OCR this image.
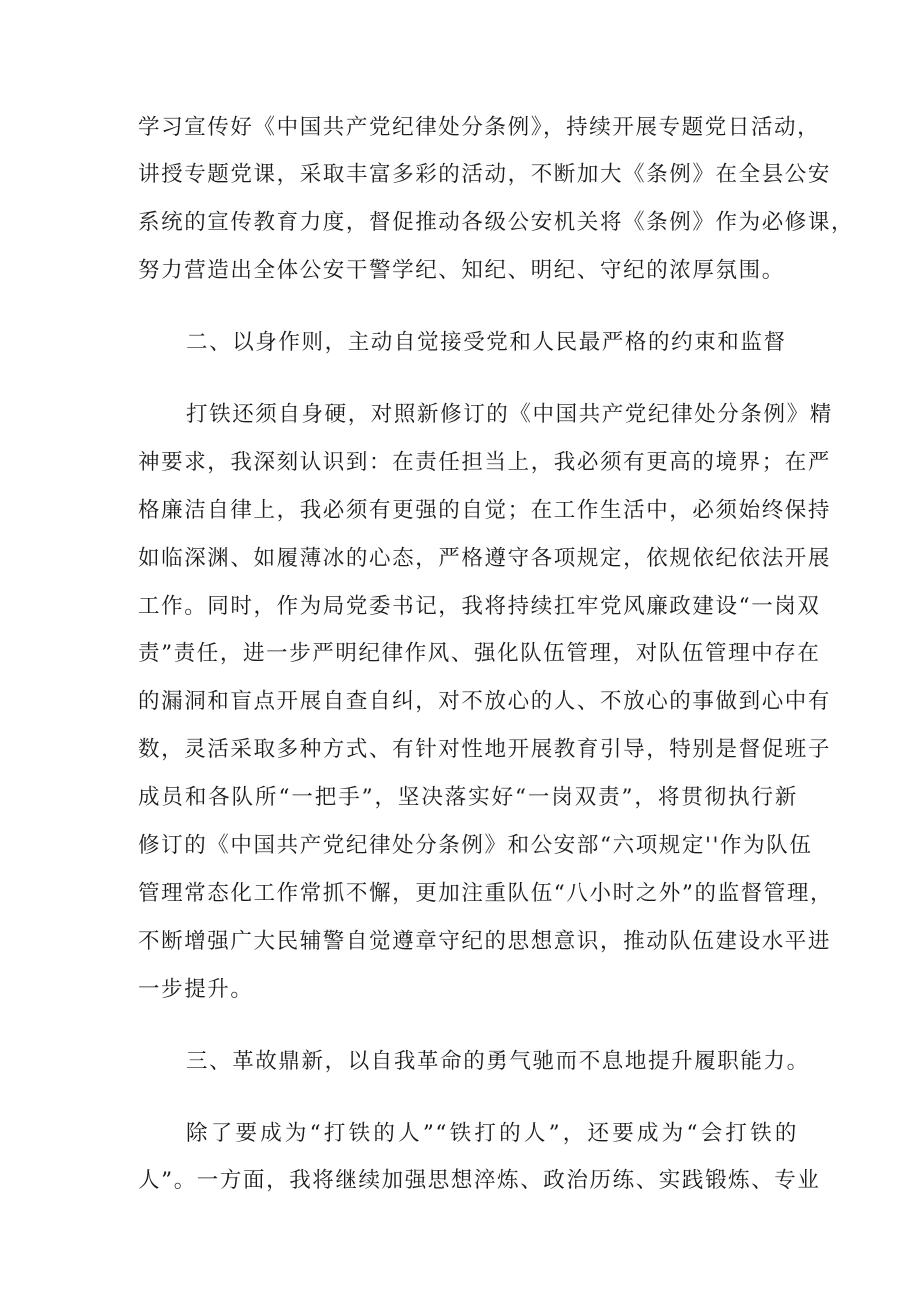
学习宣传好《中国共产党纪律处分条例》，持续开展专题党日活动，
讲授专题党课，采取丰富多彩的活动，不断加大《条例》在全县公安
系统的宣传教育力度，督促推动各级公安机关将《条例》作为必修课，
努力营造出全体公安干警学纪、知纪、明纪、守纪的浓厚氛围。
二、以身作则，主动自觉接受党和人民最严格的约束和监督
打铁还须自身硬，对照新修订的《中国共产党纪律处分条例》精
神要求，我深刻认识到：在责任担当上，我必须有更高的境界；在严
格廉洁自律上，我必须有更强的自觉；在工作生活中，必须始终保持
如临深渊、如履薄冰的心态，严格遵守各项规定，依规依纪依法开展
工作。同时，作为局党委书记，我将持续扛牢党风廉政建设“一岗双
责”责任，进一步严明纪律作风、强化队伍管理，对队伍管理中存在
的漏洞和盲点开展自查自纠，对不放心的人、不放心的事做到心中有
数，灵活采取多种方式、有针对性地开展教育引导，特别是督促班子
成员和各队所“一把手”，坚决落实好“一岗双责”，将贯彻执行新
修订的《中国共产党纪律处分条例》和公安部“六项规定''作为队伍
管理常态化工作常抓不懈，更加注重队伍“八小时之外”的监督管理，
不断增强广大民辅警自觉遵章守纪的思想意识，推动队伍建设水平进
一步提升。
三、革故鼎新，以自我革命的勇气驰而不息地提升履职能力。
除了要成为“打铁的人”“铁打的人”，还要成为“会打铁的
人”。一方面，我将继续加强思想淬炼、政治历练、实践锻炼、专业
